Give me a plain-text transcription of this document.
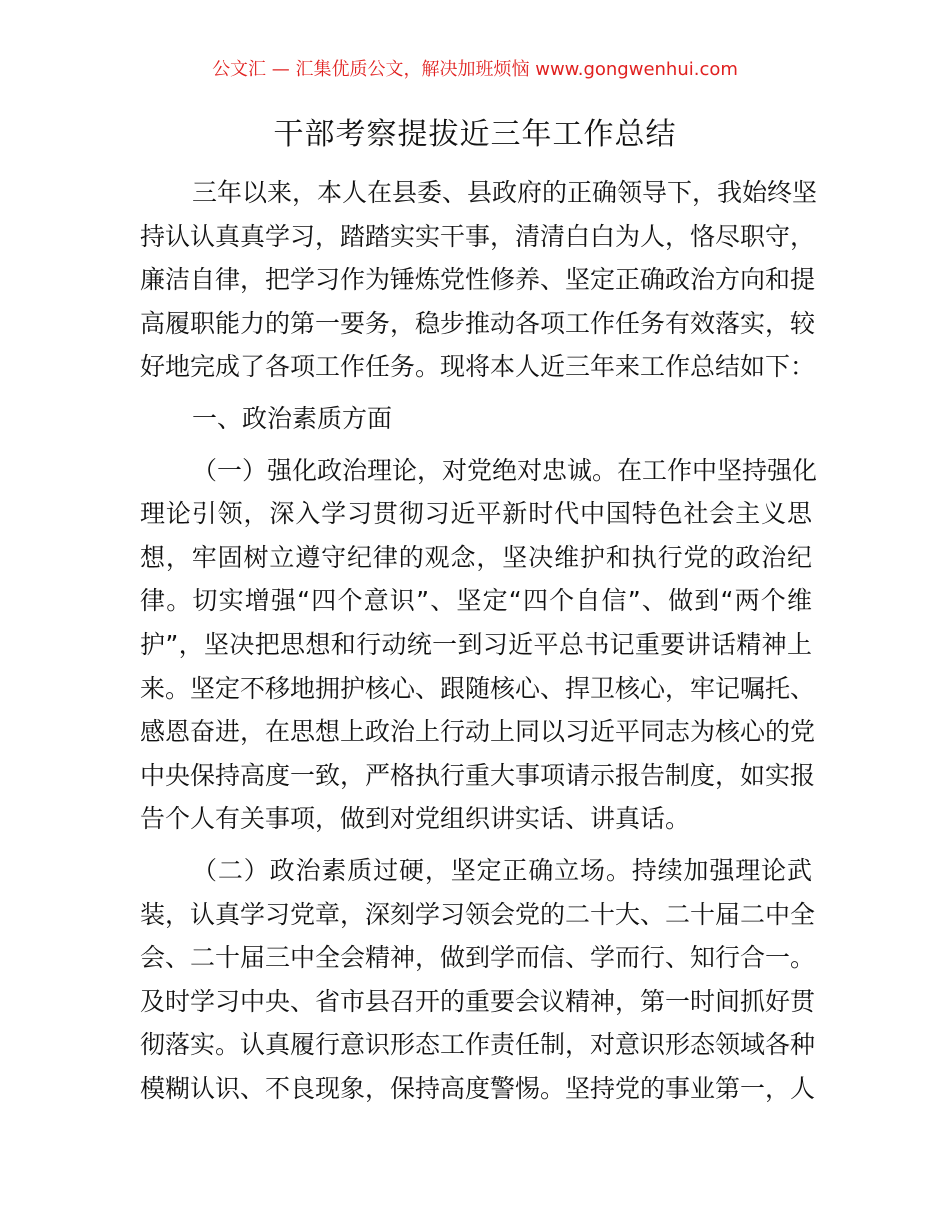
公文汇 — 汇集优质公文，解决加班烦恼 www.gongwenhui.com
干部考察提拔近三年工作总结
三年以来，本人在县委、县政府的正确领导下，我始终坚
持认认真真学习，踏踏实实干事，清清白白为人，恪尽职守，
廉洁自律，把学习作为锤炼党性修养、坚定正确政治方向和提
高履职能力的第一要务，稳步推动各项工作任务有效落实，较
好地完成了各项工作任务。现将本人近三年来工作总结如下：
一、政治素质方面
（一）强化政治理论，对党绝对忠诚。在工作中坚持强化
理论引领，深入学习贯彻习近平新时代中国特色社会主义思
想，牢固树立遵守纪律的观念，坚决维护和执行党的政治纪
律。切实增强“四个意识”、坚定“四个自信”、做到“两个维
护”，坚决把思想和行动统一到习近平总书记重要讲话精神上
来。坚定不移地拥护核心、跟随核心、捍卫核心，牢记嘱托、
感恩奋进，在思想上政治上行动上同以习近平同志为核心的党
中央保持高度一致，严格执行重大事项请示报告制度，如实报
告个人有关事项，做到对党组织讲实话、讲真话。
（二）政治素质过硬，坚定正确立场。持续加强理论武
装，认真学习党章，深刻学习领会党的二十大、二十届二中全
会、二十届三中全会精神，做到学而信、学而行、知行合一。
及时学习中央、省市县召开的重要会议精神，第一时间抓好贯
彻落实。认真履行意识形态工作责任制，对意识形态领域各种
模糊认识、不良现象，保持高度警惕。坚持党的事业第一，人
